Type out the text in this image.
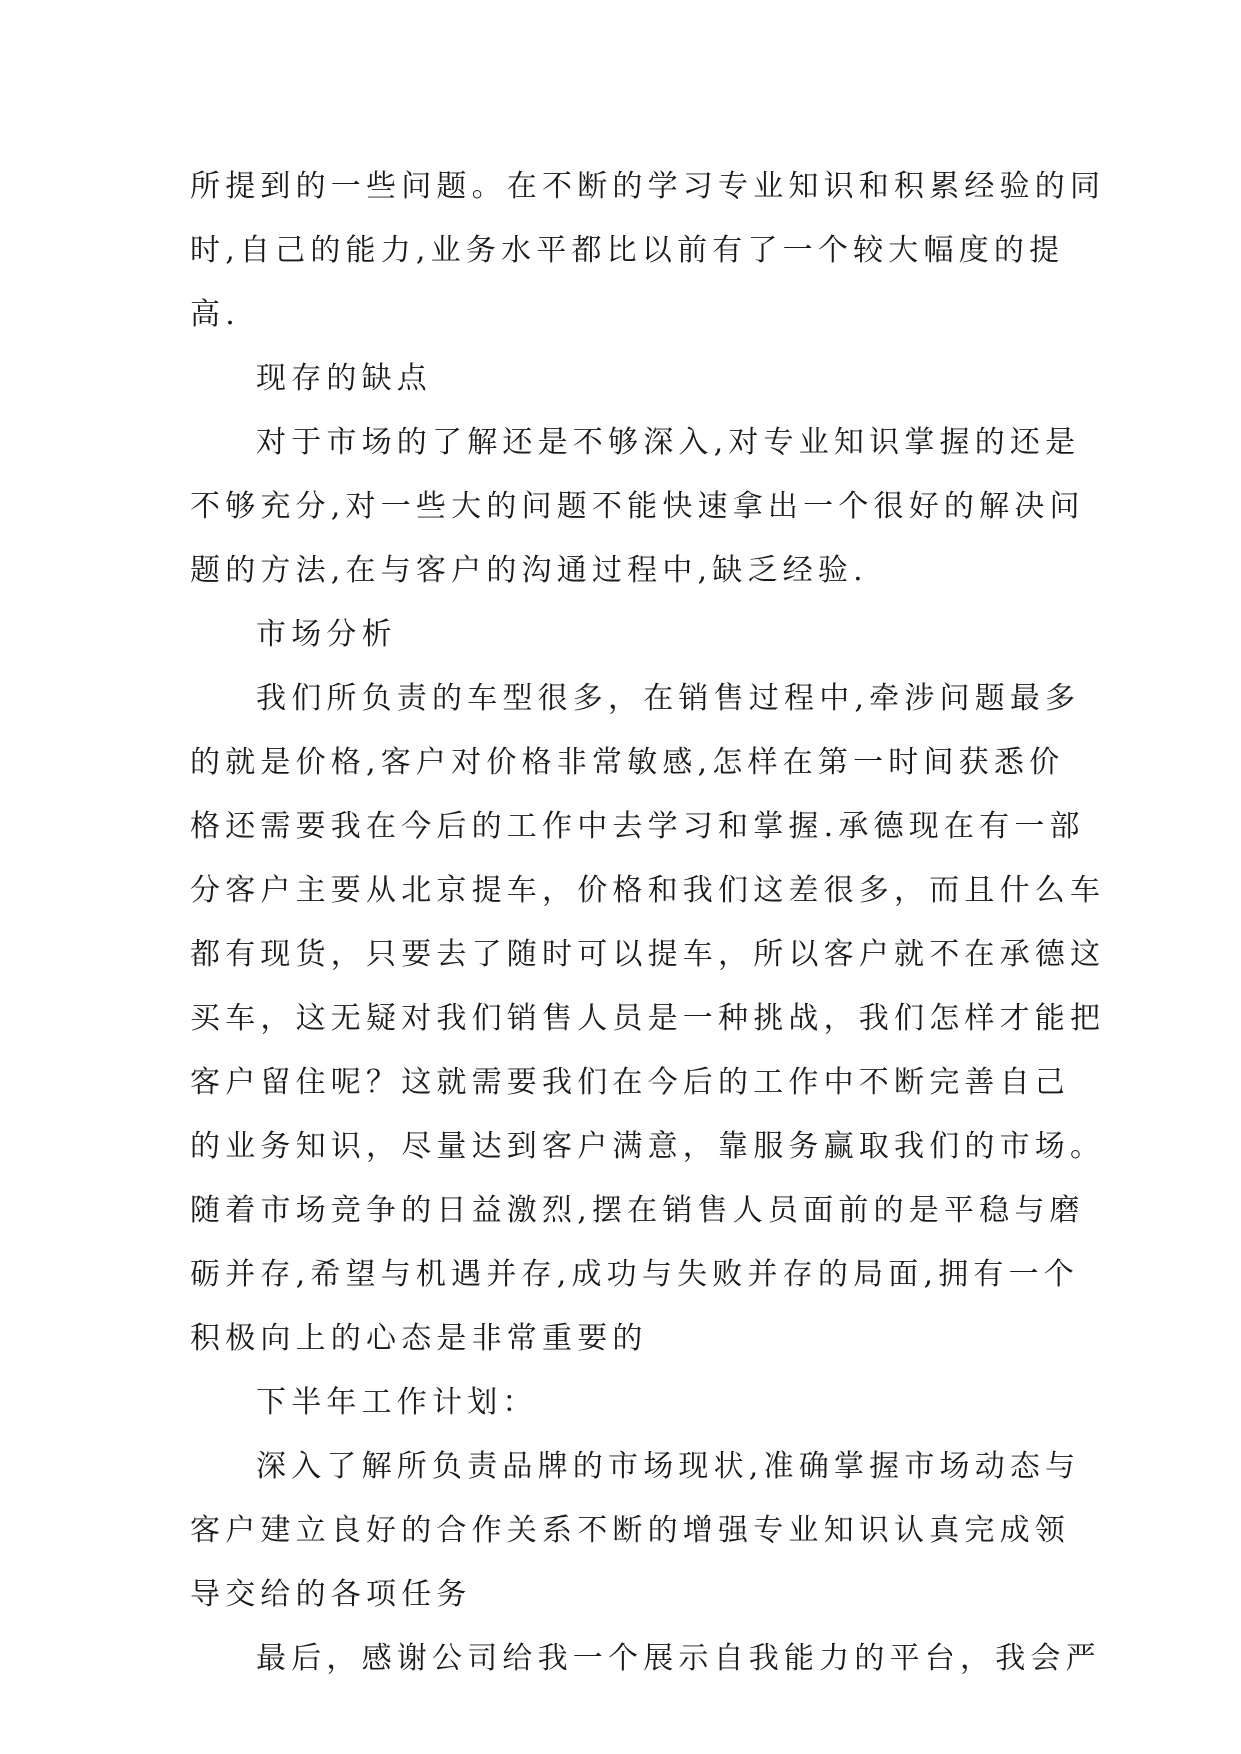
所提到的一些问题。在不断的学习专业知识和积累经验的同
时,自己的能力,业务水平都比以前有了一个较大幅度的提
高.
现存的缺点
对于市场的了解还是不够深入,对专业知识掌握的还是
不够充分,对一些大的问题不能快速拿出一个很好的解决问
题的方法,在与客户的沟通过程中,缺乏经验.
市场分析
我们所负责的车型很多，在销售过程中,牵涉问题最多
的就是价格,客户对价格非常敏感,怎样在第一时间获悉价
格还需要我在今后的工作中去学习和掌握.承德现在有一部
分客户主要从北京提车，价格和我们这差很多，而且什么车
都有现货，只要去了随时可以提车，所以客户就不在承德这
买车，这无疑对我们销售人员是一种挑战，我们怎样才能把
客户留住呢？这就需要我们在今后的工作中不断完善自己
的业务知识，尽量达到客户满意，靠服务赢取我们的市场。
随着市场竞争的日益激烈,摆在销售人员面前的是平稳与磨
砺并存,希望与机遇并存,成功与失败并存的局面,拥有一个
积极向上的心态是非常重要的
下半年工作计划：
深入了解所负责品牌的市场现状,准确掌握市场动态与
客户建立良好的合作关系不断的增强专业知识认真完成领
导交给的各项任务
最后，感谢公司给我一个展示自我能力的平台，我会严
